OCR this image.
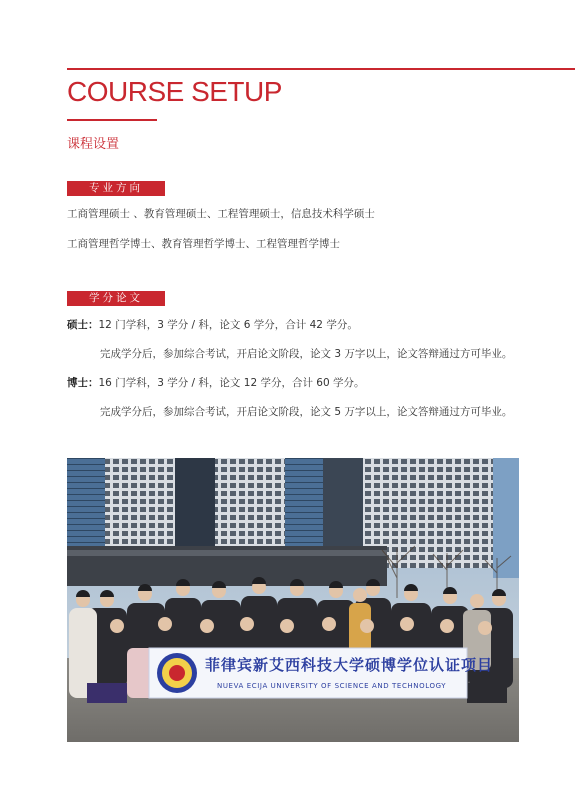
COURSE SETUP
课程设置
专业方向
工商管理硕士 、教育管理硕士、工程管理硕士，信息技术科学硕士
工商管理哲学博士、教育管理哲学博士、工程管理哲学博士
学分论文
硕士：12 门学科，3 学分 / 科，论文 6 学分，合计 42 学分。
完成学分后，参加综合考试，开启论文阶段，论文 3 万字以上，论文答辩通过方可毕业。
博士：16 门学科，3 学分 / 科，论文 12 学分，合计 60 学分。
完成学分后，参加综合考试，开启论文阶段，论文 5 万字以上，论文答辩通过方可毕业。
菲律宾新艾西科技大学硕博学位认证项目
NUEVA ECIJA UNIVERSITY OF SCIENCE AND TECHNOLOGY
